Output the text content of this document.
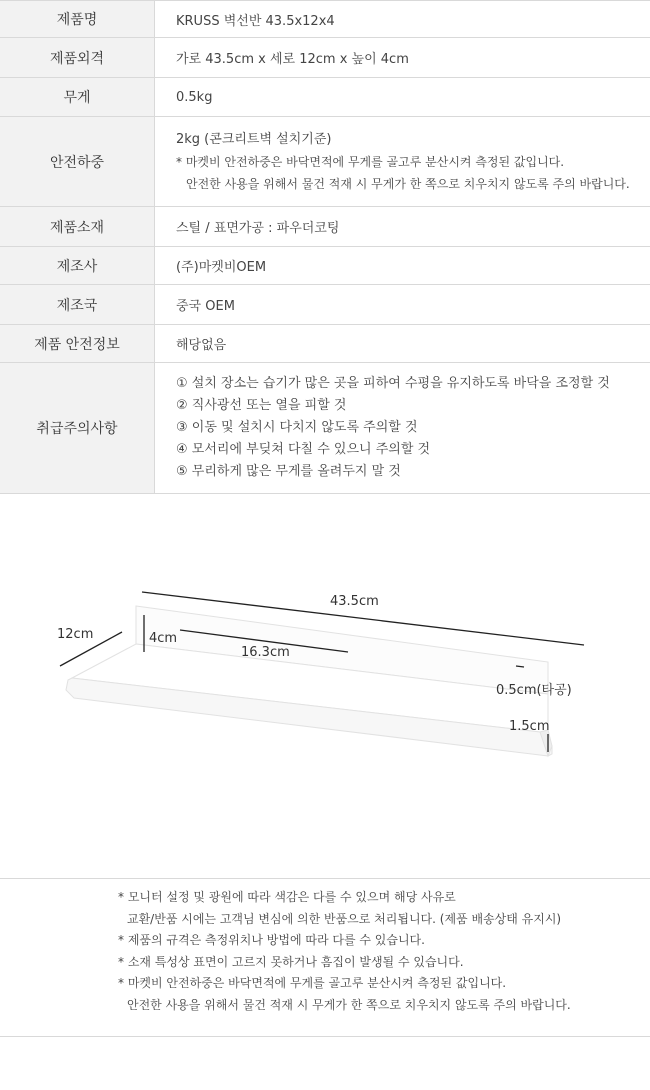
제품명	KRUSS 벽선반 43.5x12x4
제품외격	가로 43.5cm x 세로 12cm x 높이 4cm
무게	0.5kg
안전하중	2kg (콘크리트벽 설치기준)
* 마켓비 안전하중은 바닥면적에 무게를 골고루 분산시켜 측정된 값입니다.
안전한 사용을 위해서 물건 적재 시 무게가 한 쪽으로 치우치지 않도록 주의 바랍니다.

제품소재	스틸 / 표면가공 : 파우더코팅
제조사	(주)마켓비OEM
제조국	중국 OEM
제품 안전정보	해당없음
취급주의사항	① 설치 장소는 습기가 많은 곳을 피하여 수평을 유지하도록 바닥을 조정할 것
② 직사광선 또는 열을 피할 것
③ 이동 및 설치시 다치지 않도록 주의할 것
④ 모서리에 부딪쳐 다칠 수 있으니 주의할 것
⑤ 무리하게 많은 무게를 올려두지 말 것
43.5cm
12cm	4cm
16.3cm
0.5cm(타공)
1.5cm
* 모니터 설정 및 광원에 따라 색감은 다를 수 있으며 해당 사유로
교환/반품 시에는 고객님 변심에 의한 반품으로 처리됩니다. (제품 배송상태 유지시)
* 제품의 규격은 측정위치나 방법에 따라 다를 수 있습니다.
* 소재 특성상 표면이 고르지 못하거나 흠집이 발생될 수 있습니다.
* 마켓비 안전하중은 바닥면적에 무게를 골고루 분산시켜 측정된 값입니다.
안전한 사용을 위해서 물건 적재 시 무게가 한 쪽으로 치우치지 않도록 주의 바랍니다.
